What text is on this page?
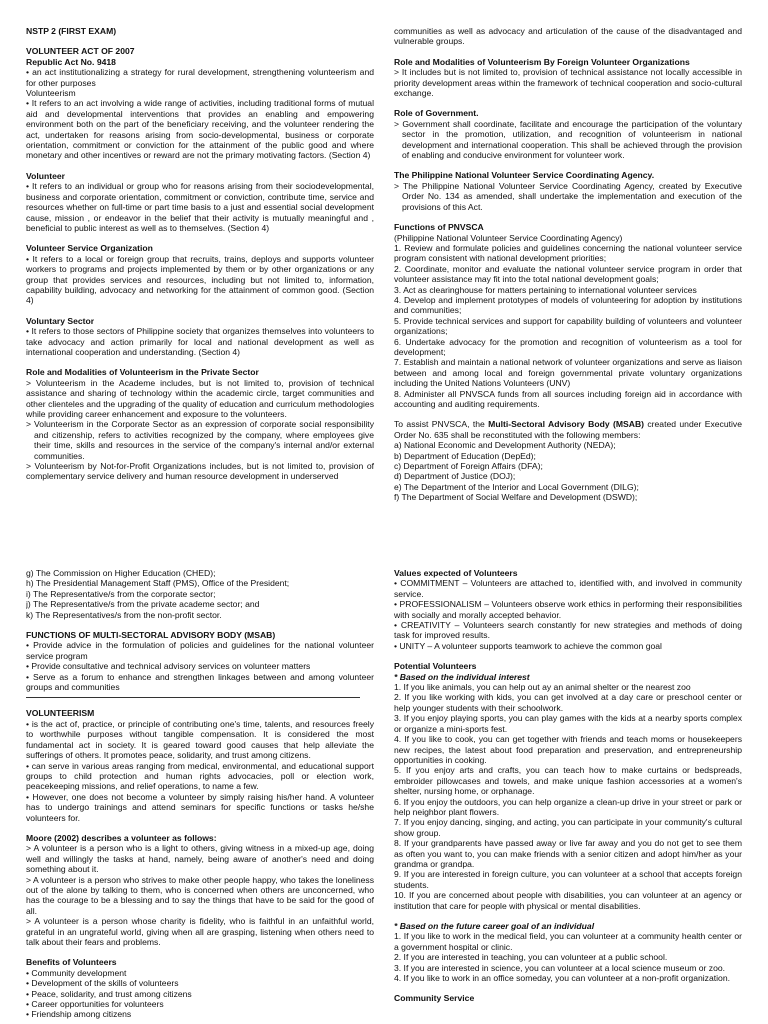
NSTP 2 (FIRST EXAM)

VOLUNTEER ACT OF 2007

Republic Act No. 9418

• an act institutionalizing a strategy for rural development, strengthening volunteerism and for other purposes

Volunteerism

• It refers to an act involving a wide range of activities, including traditional forms of mutual aid and developmental interventions that provides an enabling and empowering environment both on the part of the beneficiary receiving, and the volunteer rendering the act, undertaken for reasons arising from socio-developmental, business or corporate orientation, commitment or conviction for the attainment of the public good and where monetary and other incentives or reward are not the primary motivating factors. (Section 4)

Volunteer

• It refers to an individual or group who for reasons arising from their sociodevelopmental, business and corporate orientation, commitment or conviction, contribute time, service and resources whether on full-time or part time basis to a just and essential social development cause, mission , or endeavor in the belief that their activity is mutually meaningful and , beneficial to public interest as well as to themselves. (Section 4)

Volunteer Service Organization

• It refers to a local or foreign group that recruits, trains, deploys and supports volunteer workers to programs and projects implemented by them or by other organizations or any group that provides services and resources, including but not limited to, information, capability building, advocacy and networking for the attainment of common good. (Section 4)

Voluntary Sector

• It refers to those sectors of Philippine society that organizes themselves into volunteers to take advocacy and action primarily for local and national development as well as international cooperation and understanding. (Section 4)

Role and Modalities of Volunteerism in the Private Sector

> Volunteerism in the Academe includes, but is not limited to, provision of technical assistance and sharing of technology within the academic circle, target communities and other clienteles and the upgrading of the quality of education and curriculum methodologies while providing career enhancement and exposure to the volunteers.

> Volunteerism in the Corporate Sector as an expression of corporate social responsibility and citizenship, refers to activities recognized by the company, where employees give their time, skills and resources in the service of the company's internal and/or external communities.

> Volunteerism by Not-for-Profit Organizations includes, but is not limited to, provision of complementary service delivery and human resource development in underserved

communities as well as advocacy and articulation of the cause of the disadvantaged and vulnerable groups.

Role and Modalities of Volunteerism By Foreign Volunteer Organizations

> It includes but is not limited to, provision of technical assistance not locally accessible in priority development areas within the framework of technical cooperation and socio-cultural exchange.

Role of Government.

> Government shall coordinate, facilitate and encourage the participation of the voluntary sector in the promotion, utilization, and recognition of volunteerism in national development and international cooperation. This shall be achieved through the provision of enabling and conducive environment for volunteer work.

The Philippine National Volunteer Service Coordinating Agency.

> The Philippine National Volunteer Service Coordinating Agency, created by Executive Order No. 134 as amended, shall undertake the implementation and execution of the provisions of this Act.

Functions of PNVSCA

(Philippine National Volunteer Service Coordinating Agency)

1. Review and formulate policies and guidelines concerning the national volunteer service program consistent with national development priorities;

2. Coordinate, monitor and evaluate the national volunteer service program in order that volunteer assistance may fit into the total national development goals;

3. Act as clearinghouse for matters pertaining to international volunteer services

4. Develop and implement prototypes of models of volunteering for adoption by institutions and communities;

5. Provide technical services and support for capability building of volunteers and volunteer organizations;

6. Undertake advocacy for the promotion and recognition of volunteerism as a tool for development;

7. Establish and maintain a national network of volunteer organizations and serve as liaison between and among local and foreign governmental private voluntary organizations including the United Nations Volunteers (UNV)

8. Administer all PNVSCA funds from all sources including foreign aid in accordance with accounting and auditing requirements.

To assist PNVSCA, the Multi-Sectoral Advisory Body (MSAB) created under Executive Order No. 635 shall be reconstituted with the following members:

a) National Economic and Development Authority (NEDA);

b) Department of Education (DepEd);

c) Department of Foreign Affairs (DFA);

d) Department of Justice (DOJ);

e) The Department of the Interior and Local Government (DILG);

f) The Department of Social Welfare and Development (DSWD);

g) The Commission on Higher Education (CHED);

h) The Presidential Management Staff (PMS), Office of the President;

i) The Representative/s from the corporate sector;

j) The Representative/s from the private academe sector; and

k) The Representatives/s from the non-profit sector.

FUNCTIONS OF MULTI-SECTORAL ADVISORY BODY (MSAB)

• Provide advice in the formulation of policies and guidelines for the national volunteer service program

• Provide consultative and technical advisory services on volunteer matters

• Serve as a forum to enhance and strengthen linkages between and among volunteer groups and communities

VOLUNTEERISM

• is the act of, practice, or principle of contributing one's time, talents, and resources freely to worthwhile purposes without tangible compensation. It is considered the most fundamental act in society. It is geared toward good causes that help alleviate the sufferings of others. It promotes peace, solidarity, and trust among citizens.

• can serve in various areas ranging from medical, environmental, and educational support groups to child protection and human rights advocacies, poll or election work, peacekeeping missions, and relief operations, to name a few.

• However, one does not become a volunteer by simply raising his/her hand. A volunteer has to undergo trainings and attend seminars for specific functions or tasks he/she volunteers for.

Moore (2002) describes a volunteer as follows:

> A volunteer is a person who is a light to others, giving witness in a mixed-up age, doing well and willingly the tasks at hand, namely, being aware of another's need and doing something about it.

> A volunteer is a person who strives to make other people happy, who takes the loneliness out of the alone by talking to them, who is concerned when others are unconcerned, who has the courage to be a blessing and to say the things that have to be said for the good of all.

> A volunteer is a person whose charity is fidelity, who is faithful in an unfaithful world, grateful in an ungrateful world, giving when all are grasping, listening when others need to talk about their fears and problems.

Benefits of Volunteers

• Community development

• Development of the skills of volunteers

• Peace, solidarity, and trust among citizens

• Career opportunities for volunteers

• Friendship among citizens

Values expected of Volunteers

• COMMITMENT – Volunteers are attached to, identified with, and involved in community service.

• PROFESSIONALISM – Volunteers observe work ethics in performing their responsibilities with socially and morally accepted behavior.

• CREATIVITY – Volunteers search constantly for new strategies and methods of doing task for improved results.

• UNITY – A volunteer supports teamwork to achieve the common goal

Potential Volunteers

* Based on the individual interest

1. If you like animals, you can help out ay an animal shelter or the nearest zoo

2. If you like working with kids, you can get involved at a day care or preschool center or help younger students with their schoolwork.

3. If you enjoy playing sports, you can play games with the kids at a nearby sports complex or organize a mini-sports fest.

4. If you like to cook, you can get together with friends and teach moms or housekeepers new recipes, the latest about food preparation and preservation, and entrepreneurship opportunities in cooking.

5. If you enjoy arts and crafts, you can teach how to make curtains or bedspreads, embroider pillowcases and towels, and make unique fashion accessories at a women's shelter, nursing home, or orphanage.

6. If you enjoy the outdoors, you can help organize a clean-up drive in your street or park or help neighbor plant flowers.

7. If you enjoy dancing, singing, and acting, you can participate in your community's cultural show group.

8. If your grandparents have passed away or live far away and you do not get to see them as often you want to, you can make friends with a senior citizen and adopt him/her as your grandma or grandpa.

9. If you are interested in foreign culture, you can volunteer at a school that accepts foreign students.

10. If you are concerned about people with disabilities, you can volunteer at an agency or institution that care for people with physical or mental disabilities.

* Based on the future career goal of an individual

1. If you like to work in the medical field, you can volunteer at a community health center or a government hospital or clinic.

2. If you are interested in teaching, you can volunteer at a public school.

3. If you are interested in science, you can volunteer at a local science museum or zoo.

4. If you like to work in an office someday, you can volunteer at a non-profit organization.

Community Service
